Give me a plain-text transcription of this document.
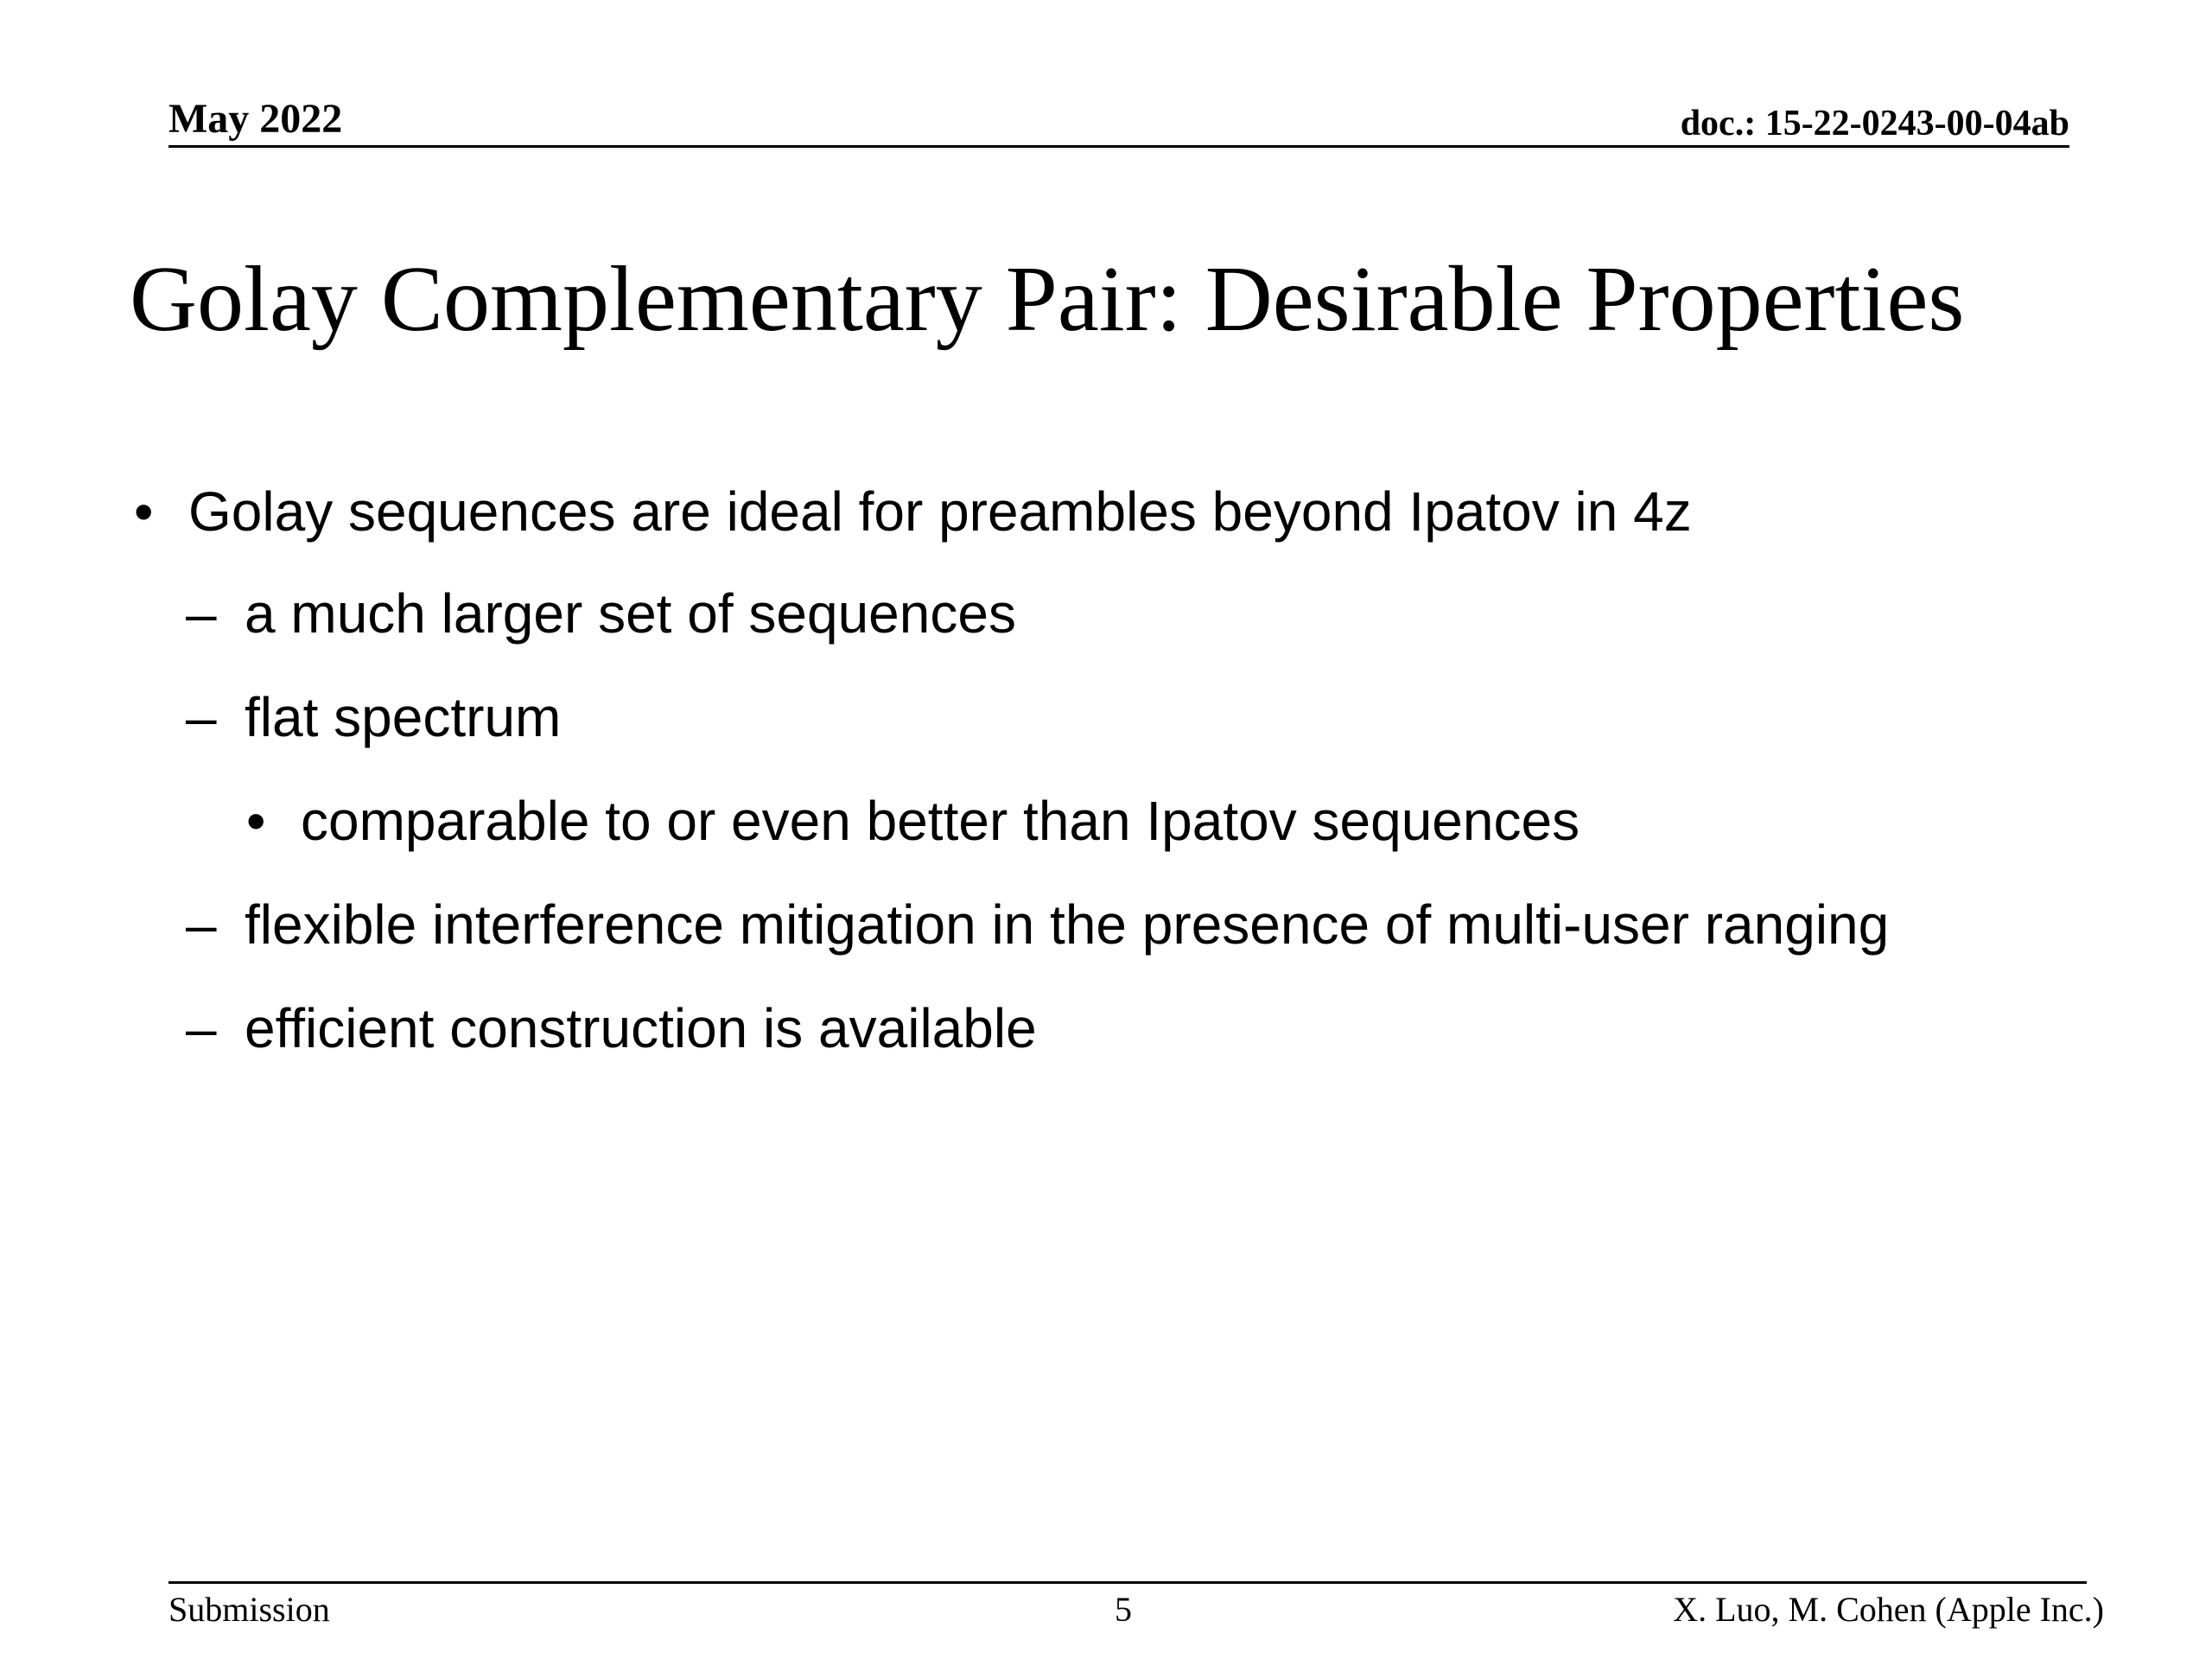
May 2022	doc.: 15-22-0243-00-04ab
Golay Complementary Pair: Desirable Properties
• Golay sequences are ideal for preambles beyond Ipatov in 4z
– a much larger set of sequences
– flat spectrum
• comparable to or even better than Ipatov sequences
– flexible interference mitigation in the presence of multi-user ranging
– efficient construction is available
Submission	5	X. Luo, M. Cohen (Apple Inc.)
